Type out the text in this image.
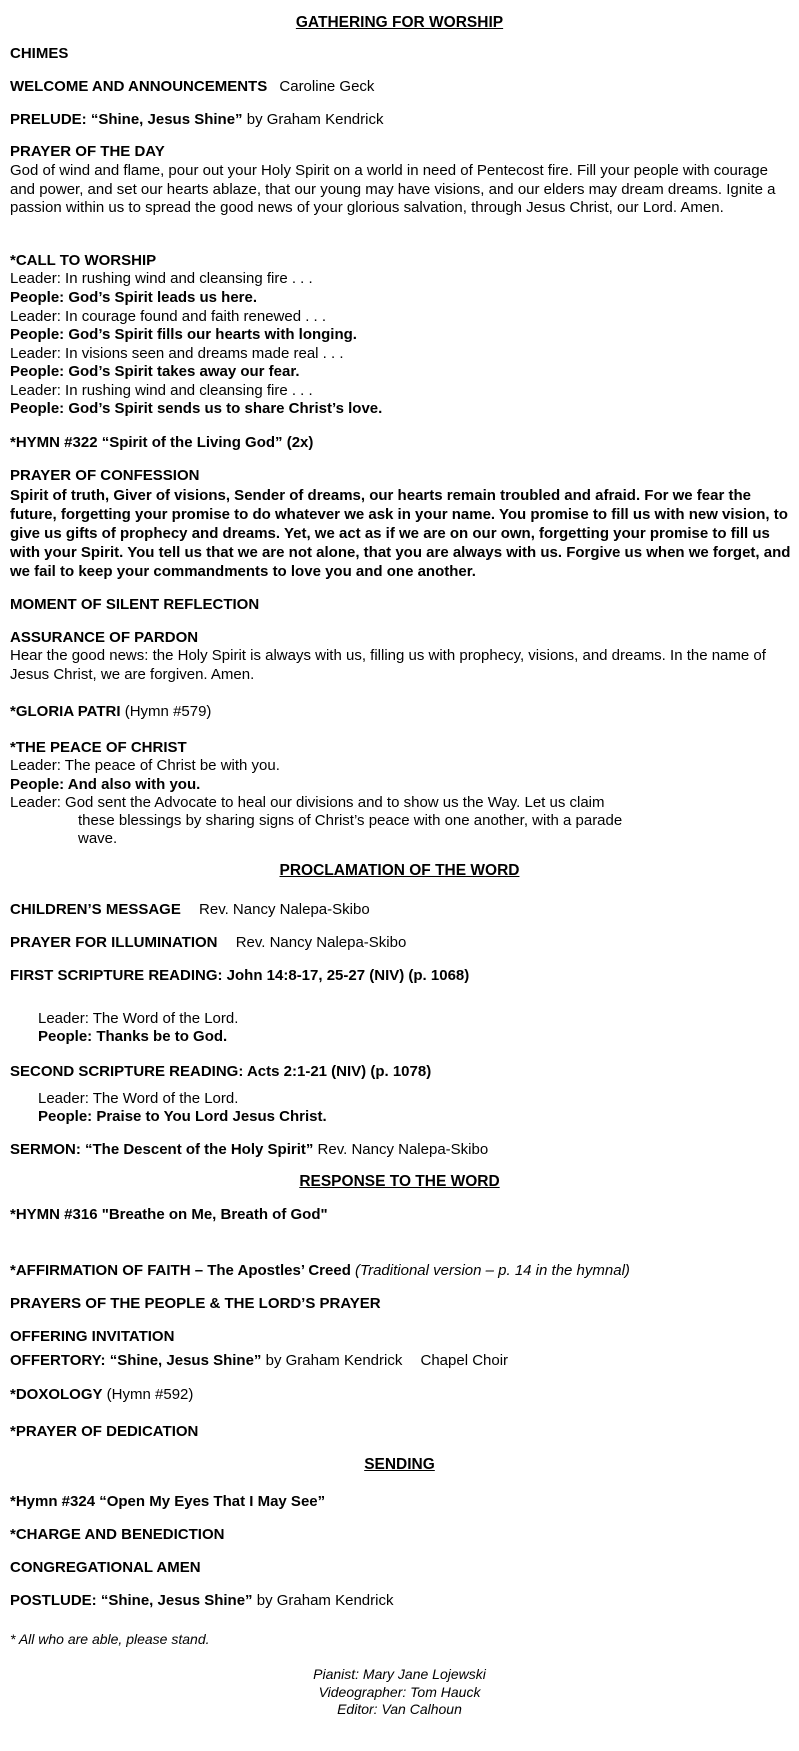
GATHERING FOR WORSHIP
CHIMES
WELCOME AND ANNOUNCEMENTS Caroline Geck
PRELUDE: “Shine, Jesus Shine” by Graham Kendrick
PRAYER OF THE DAY
God of wind and flame, pour out your Holy Spirit on a world in need of Pentecost fire. Fill your people with courage and power, and set our hearts ablaze, that our young may have visions, and our elders may dream dreams. Ignite a passion within us to spread the good news of your glorious salvation, through Jesus Christ, our Lord. Amen.
*CALL TO WORSHIP
Leader: In rushing wind and cleansing fire . . .
People: God’s Spirit leads us here.
Leader: In courage found and faith renewed . . .
People: God’s Spirit fills our hearts with longing.
Leader: In visions seen and dreams made real . . .
People: God’s Spirit takes away our fear.
Leader: In rushing wind and cleansing fire . . .
People: God’s Spirit sends us to share Christ’s love.
*HYMN #322 “Spirit of the Living God” (2x)
PRAYER OF CONFESSION
Spirit of truth, Giver of visions, Sender of dreams, our hearts remain troubled and afraid. For we fear the future, forgetting your promise to do whatever we ask in your name. You promise to fill us with new vision, to give us gifts of prophecy and dreams. Yet, we act as if we are on our own, forgetting your promise to fill us with your Spirit. You tell us that we are not alone, that you are always with us. Forgive us when we forget, and we fail to keep your commandments to love you and one another.
MOMENT OF SILENT REFLECTION
ASSURANCE OF PARDON
Hear the good news: the Holy Spirit is always with us, filling us with prophecy, visions, and dreams. In the name of Jesus Christ, we are forgiven. Amen.
*GLORIA PATRI (Hymn #579)
*THE PEACE OF CHRIST
Leader: The peace of Christ be with you.
People: And also with you.
Leader: God sent the Advocate to heal our divisions and to show us the Way. Let us claim
these blessings by sharing signs of Christ’s peace with one another, with a parade
wave.
PROCLAMATION OF THE WORD
CHILDREN’S MESSAGE Rev. Nancy Nalepa-Skibo
PRAYER FOR ILLUMINATION Rev. Nancy Nalepa-Skibo
FIRST SCRIPTURE READING: John 14:8-17, 25-27 (NIV) (p. 1068)
Leader: The Word of the Lord.
People: Thanks be to God.
SECOND SCRIPTURE READING: Acts 2:1-21 (NIV) (p. 1078)
Leader: The Word of the Lord.
People: Praise to You Lord Jesus Christ.
SERMON: “The Descent of the Holy Spirit” Rev. Nancy Nalepa-Skibo
RESPONSE TO THE WORD
*HYMN #316 "Breathe on Me, Breath of God"
*AFFIRMATION OF FAITH – The Apostles’ Creed (Traditional version – p. 14 in the hymnal)
PRAYERS OF THE PEOPLE & THE LORD’S PRAYER
OFFERING INVITATION
OFFERTORY: “Shine, Jesus Shine” by Graham Kendrick Chapel Choir
*DOXOLOGY (Hymn #592)
*PRAYER OF DEDICATION
SENDING
*Hymn #324 “Open My Eyes That I May See”
*CHARGE AND BENEDICTION
CONGREGATIONAL AMEN
POSTLUDE: “Shine, Jesus Shine” by Graham Kendrick
* All who are able, please stand.
Pianist: Mary Jane Lojewski
Videographer: Tom Hauck
Editor: Van Calhoun
